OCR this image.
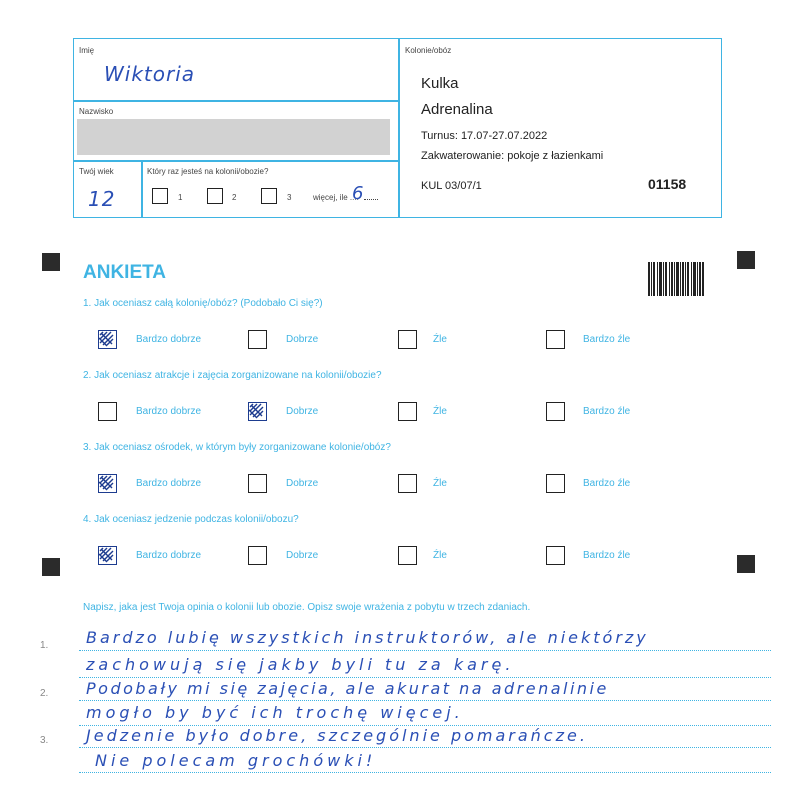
Imię
Wiktoria
Nazwisko
Twój wiek
12
Który raz jesteś na kolonii/obozie?
1	2	3	więcej, ile ....
6
Kolonie/obóz
Kulka
Adrenalina
Turnus: 17.07-27.07.2022
Zakwaterowanie: pokoje z łazienkami
KUL 03/07/1	01158
ANKIETA
1. Jak oceniasz całą kolonię/obóz? (Podobało Ci się?)
Bardzo dobrze	Dobrze	Źle	Bardzo źle
2. Jak oceniasz atrakcje i zajęcia zorganizowane na kolonii/obozie?
Bardzo dobrze	Dobrze	Źle	Bardzo źle
3. Jak oceniasz ośrodek, w którym były zorganizowane kolonie/obóz?
Bardzo dobrze	Dobrze	Źle	Bardzo źle
4. Jak oceniasz jedzenie podczas kolonii/obozu?
Bardzo dobrze	Dobrze	Źle	Bardzo źle
Napisz, jaka jest Twoja opinia o kolonii lub obozie. Opisz swoje wrażenia z pobytu w trzech zdaniach.
1.
2.
3.
Bardzo lubię wszystkich instruktorów, ale niektórzy
zachowują się jakby byli tu za karę.
Podobały mi się zajęcia, ale akurat na adrenalinie
mogło by być ich trochę więcej.
Jedzenie było dobre, szczególnie pomarańcze.
Nie polecam grochówki!
